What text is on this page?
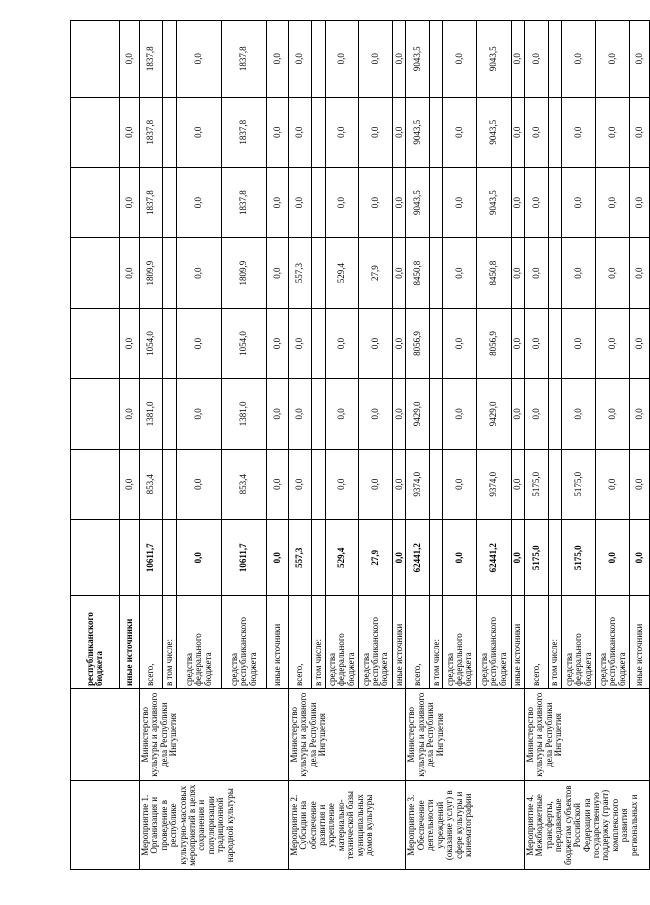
		республиканского бюджета								
		иные источники		0,0	0,0	0,0	0,0	0,0	0,0	0,0
Мероприятие 1. Организация и проведение в республике культурно-массовых мероприятий в целях сохранения и популяризации традиционной народной культуры	Министерство культуры и архивного дела Республики Ингушетия	всего,	10611,7	853,4	1381,0	1054,0	1809,9	1837,8	1837,8	1837,8
		в том числе:								
		средства федерального бюджета	0,0	0,0	0,0	0,0	0,0	0,0	0,0	0,0
		средства республиканского бюджета	10611,7	853,4	1381,0	1054,0	1809,9	1837,8	1837,8	1837,8
		иные источники	0,0	0,0	0,0	0,0	0,0	0,0	0,0	0,0
Мероприятие 2. Субсидии на обеспечение развития и укрепление материально-технической базы муниципальных домов культуры	Министерство культуры и архивного дела Республики Ингушетия	всего,	557,3	0,0	0,0	0,0	557,3	0,0	0,0	0,0
		в том числе:								
		средства федерального бюджета	529,4	0,0	0,0	0,0	529,4	0,0	0,0	0,0
		средства республиканского бюджета	27,9	0,0	0,0	0,0	27,9	0,0	0,0	0,0
		иные источники	0,0	0,0	0,0	0,0	0,0	0,0	0,0	0,0
Мероприятие 3. Обеспечение деятельности учреждений (оказание услуг) в сфере культуры и кинематографии	Министерство культуры и архивного дела Республики Ингушетия	всего,	62441,2	9374,0	9429,0	8056,9	8450,8	9043,5	9043,5	9043,5
		в том числе:								
		средства федерального бюджета	0,0	0,0	0,0	0,0	0,0	0,0	0,0	0,0
		средства республиканского бюджета	62441,2	9374,0	9429,0	8056,9	8450,8	9043,5	9043,5	9043,5
		иные источники	0,0	0,0	0,0	0,0	0,0	0,0	0,0	0,0
Мероприятие 4. Межбюджетные трансферты, передаваемые бюджетам субъектов Российской Федерации на государственную поддержку (грант) комплексного развития региональных и	Министерство культуры и архивного дела Республики Ингушетия	всего,	5175,0	5175,0	0,0	0,0	0,0	0,0	0,0	0,0
		в том числе:								
		средства федерального бюджета	5175,0	5175,0	0,0	0,0	0,0	0,0	0,0	0,0
		средства республиканского бюджета	0,0	0,0	0,0	0,0	0,0	0,0	0,0	0,0
		иные источники	0,0	0,0	0,0	0,0	0,0	0,0	0,0	0,0
